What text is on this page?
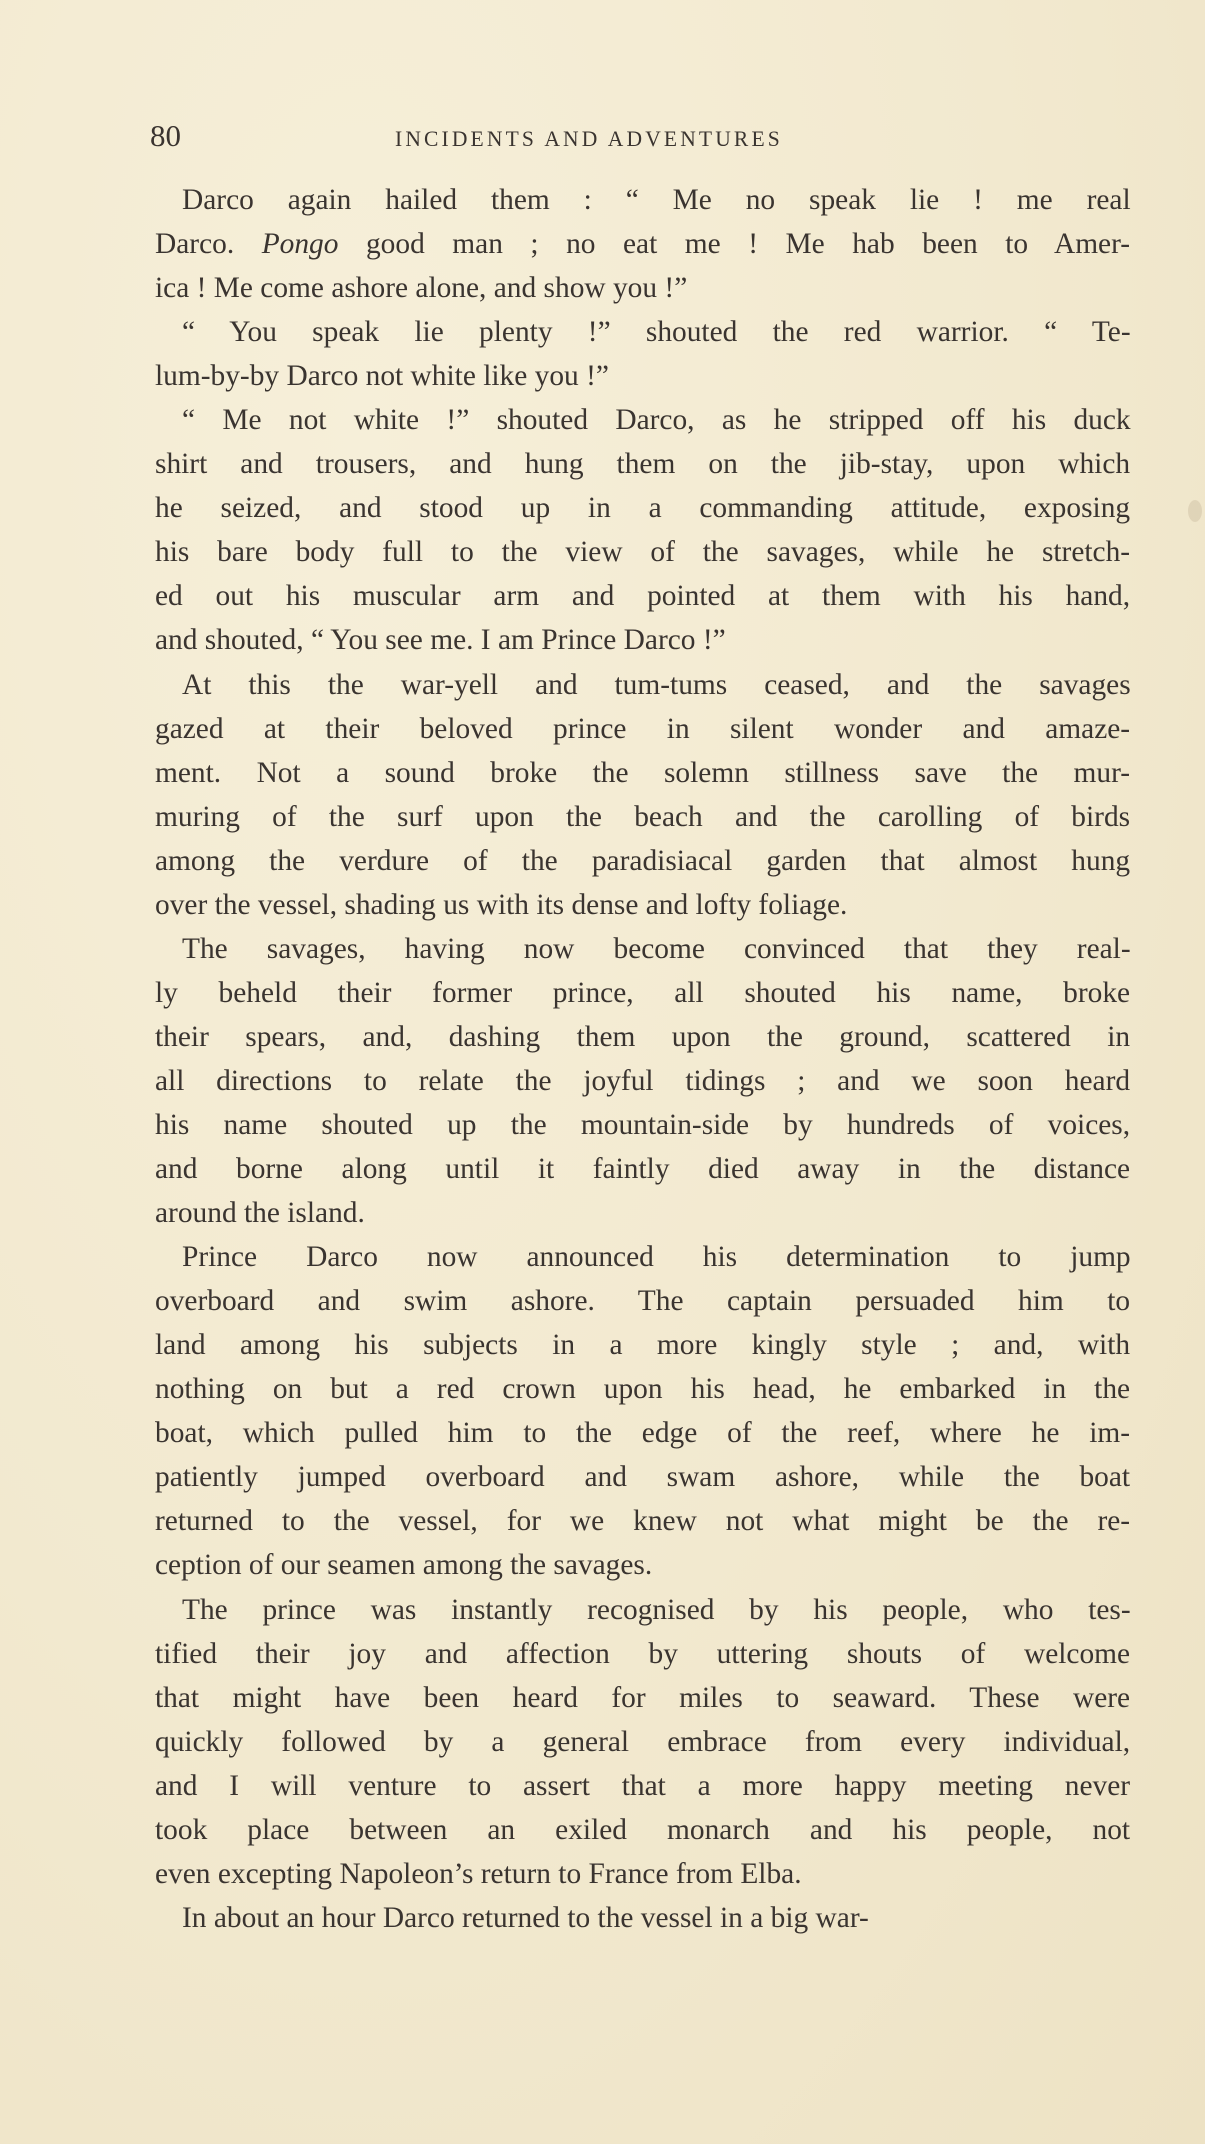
80	INCIDENTS AND ADVENTURES
Darco again hailed them : “ Me no speak lie ! me real
Darco. Pongo good man ; no eat me ! Me hab been to Amer-
ica ! Me come ashore alone, and show you !”
“ You speak lie plenty !” shouted the red warrior. “ Te-
lum-by-by Darco not white like you !”
“ Me not white !” shouted Darco, as he stripped off his duck
shirt and trousers, and hung them on the jib-stay, upon which
he seized, and stood up in a commanding attitude, exposing
his bare body full to the view of the savages, while he stretch-
ed out his muscular arm and pointed at them with his hand,
and shouted, “ You see me. I am Prince Darco !”
At this the war-yell and tum-tums ceased, and the savages
gazed at their beloved prince in silent wonder and amaze-
ment. Not a sound broke the solemn stillness save the mur-
muring of the surf upon the beach and the carolling of birds
among the verdure of the paradisiacal garden that almost hung
over the vessel, shading us with its dense and lofty foliage.
The savages, having now become convinced that they real-
ly beheld their former prince, all shouted his name, broke
their spears, and, dashing them upon the ground, scattered in
all directions to relate the joyful tidings ; and we soon heard
his name shouted up the mountain-side by hundreds of voices,
and borne along until it faintly died away in the distance
around the island.
Prince Darco now announced his determination to jump
overboard and swim ashore. The captain persuaded him to
land among his subjects in a more kingly style ; and, with
nothing on but a red crown upon his head, he embarked in the
boat, which pulled him to the edge of the reef, where he im-
patiently jumped overboard and swam ashore, while the boat
returned to the vessel, for we knew not what might be the re-
ception of our seamen among the savages.
The prince was instantly recognised by his people, who tes-
tified their joy and affection by uttering shouts of welcome
that might have been heard for miles to seaward. These were
quickly followed by a general embrace from every individual,
and I will venture to assert that a more happy meeting never
took place between an exiled monarch and his people, not
even excepting Napoleon’s return to France from Elba.
In about an hour Darco returned to the vessel in a big war-
